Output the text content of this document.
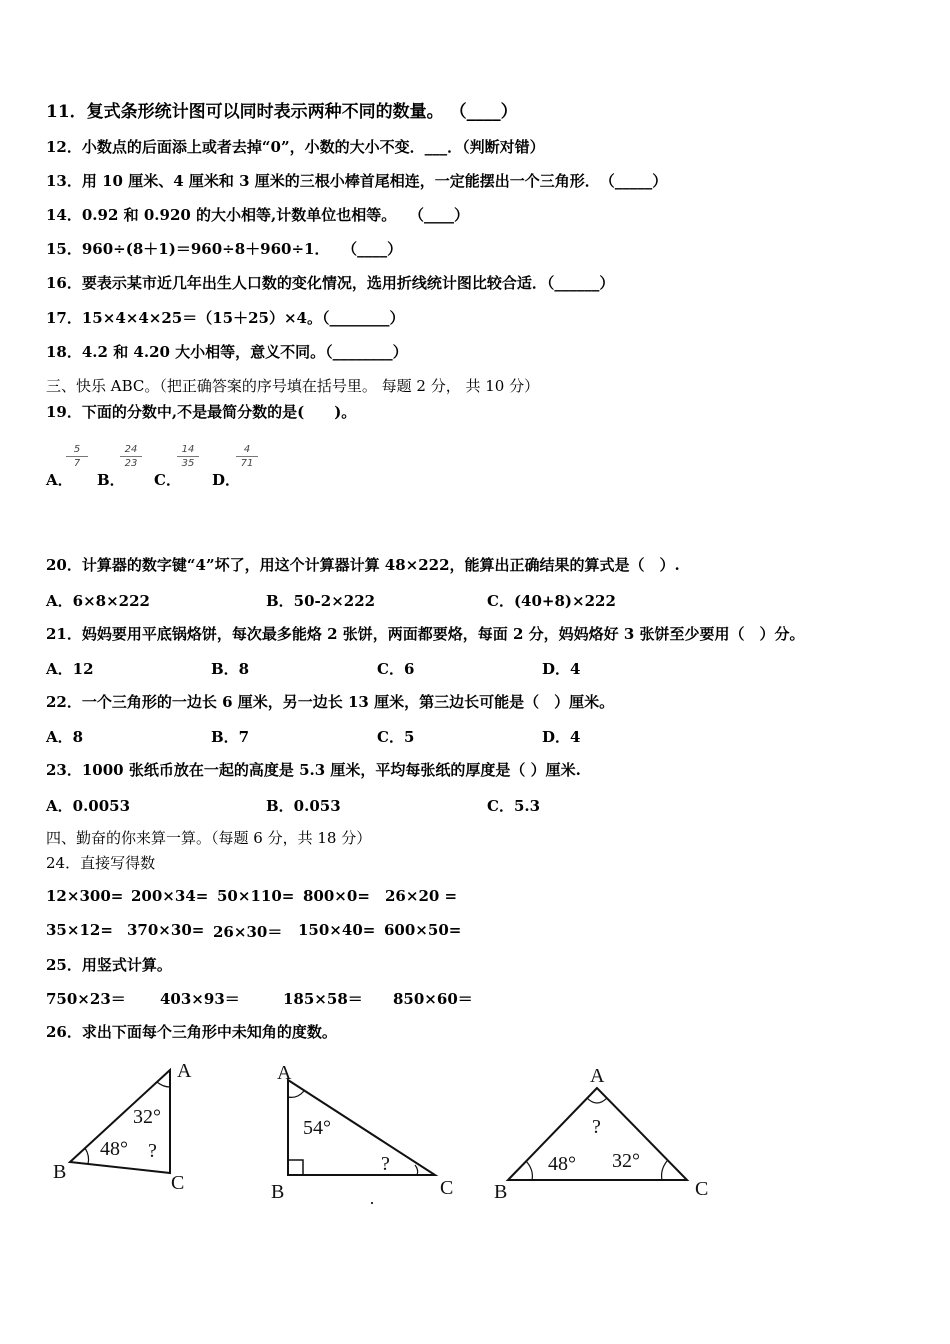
11．复式条形统计图可以同时表示两种不同的数量。 （____）
12．小数点的后面添上或者去掉“0”，小数的大小不变．___．（判断对错）
13．用 10 厘米、4 厘米和 3 厘米的三根小棒首尾相连，一定能摆出一个三角形．　（_____）
14．0.92 和 0.920 的大小相等,计数单位也相等。　 （____）
15．960÷(8＋1)＝960÷8＋960÷1．　 （____）
16．要表示某市近几年出生人口数的变化情况，选用折线统计图比较合适．（______）
17．15×4×4×25＝（15＋25）×4。（________）
18．4.2 和 4.20 大小相等，意义不同。（________）
三、快乐 ABC。（把正确答案的序号填在括号里。 每题 2 分， 共 10 分）
19．下面的分数中,不是最简分数的是(　　)。
$\frac{5}{7}$	$\frac{24}{23}$	$\frac{14}{35}$	$\frac{4}{71}$
A． B． C． D．
20．计算器的数字键“4”坏了，用这个计算器计算 48×222，能算出正确结果的算式是（　）.
A．6×8×222	B．50-2×222	C．(40+8)×222
21．妈妈要用平底锅烙饼，每次最多能烙 2 张饼，两面都要烙，每面 2 分，妈妈烙好 3 张饼至少要用（　）分。
A．12	B．8	C．6	D．4
22．一个三角形的一边长 6 厘米，另一边长 13 厘米，第三边长可能是（　）厘米。
A．8	B．7	C．5	D．4
23．1000 张纸币放在一起的高度是 5.3 厘米，平均每张纸的厚度是（ ）厘米.
A．0.0053	B．0.053	C．5.3
四、勤奋的你来算一算。（每题 6 分，共 18 分）
24．直接写得数
12×300= 200×34= 50×110= 800×0= 26×20 =
35×12= 370×30= 26×30＝ 150×40= 600×50=
25．用竖式计算。
750×23＝ 403×93＝	185×58＝ 850×60＝
26．求出下面每个三角形中未知角的度数。
A
B	C
32°
48° ?
A
B	C
54°
?
A
B	C
?
48° 32°
